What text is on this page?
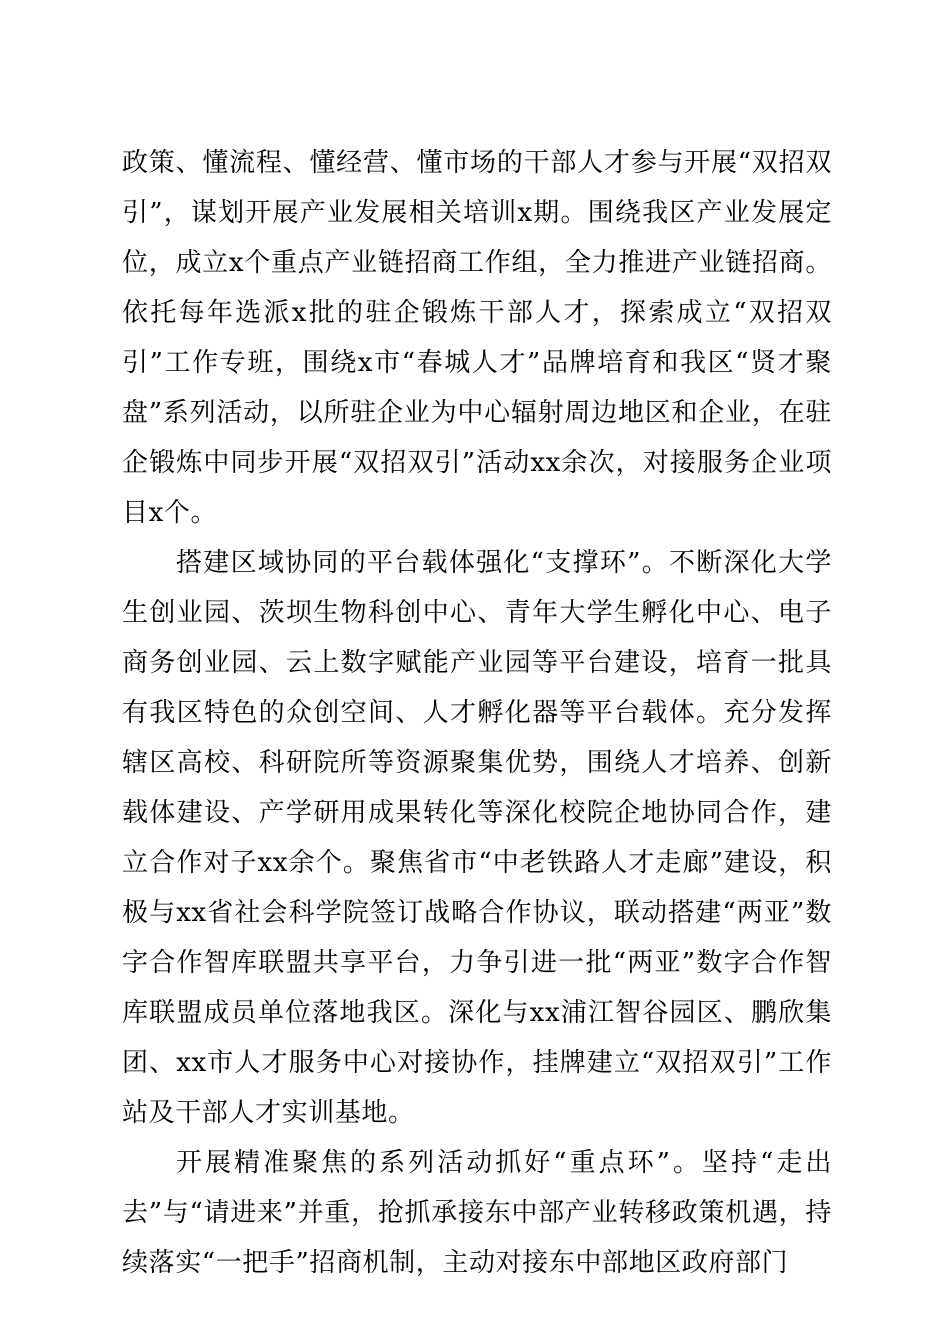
政策、懂流程、懂经营、懂市场的干部人才参与开展“双招双引”，谋划开展产业发展相关培训x期。围绕我区产业发展定位，成立x个重点产业链招商工作组，全力推进产业链招商。依托每年选派x批的驻企锻炼干部人才，探索成立“双招双引”工作专班，围绕x市“春城人才”品牌培育和我区“贤才聚盘”系列活动，以所驻企业为中心辐射周边地区和企业，在驻企锻炼中同步开展“双招双引”活动xx余次，对接服务企业项目x个。

搭建区域协同的平台载体强化“支撑环”。不断深化大学生创业园、茨坝生物科创中心、青年大学生孵化中心、电子商务创业园、云上数字赋能产业园等平台建设，培育一批具有我区特色的众创空间、人才孵化器等平台载体。充分发挥辖区高校、科研院所等资源聚集优势，围绕人才培养、创新载体建设、产学研用成果转化等深化校院企地协同合作，建立合作对子xx余个。聚焦省市“中老铁路人才走廊”建设，积极与xx省社会科学院签订战略合作协议，联动搭建“两亚”数字合作智库联盟共享平台，力争引进一批“两亚”数字合作智库联盟成员单位落地我区。深化与xx浦江智谷园区、鹏欣集团、xx市人才服务中心对接协作，挂牌建立“双招双引”工作站及干部人才实训基地。

开展精准聚焦的系列活动抓好“重点环”。坚持“走出去”与“请进来”并重，抢抓承接东中部产业转移政策机遇，持续落实“一把手”招商机制，主动对接东中部地区政府部门
